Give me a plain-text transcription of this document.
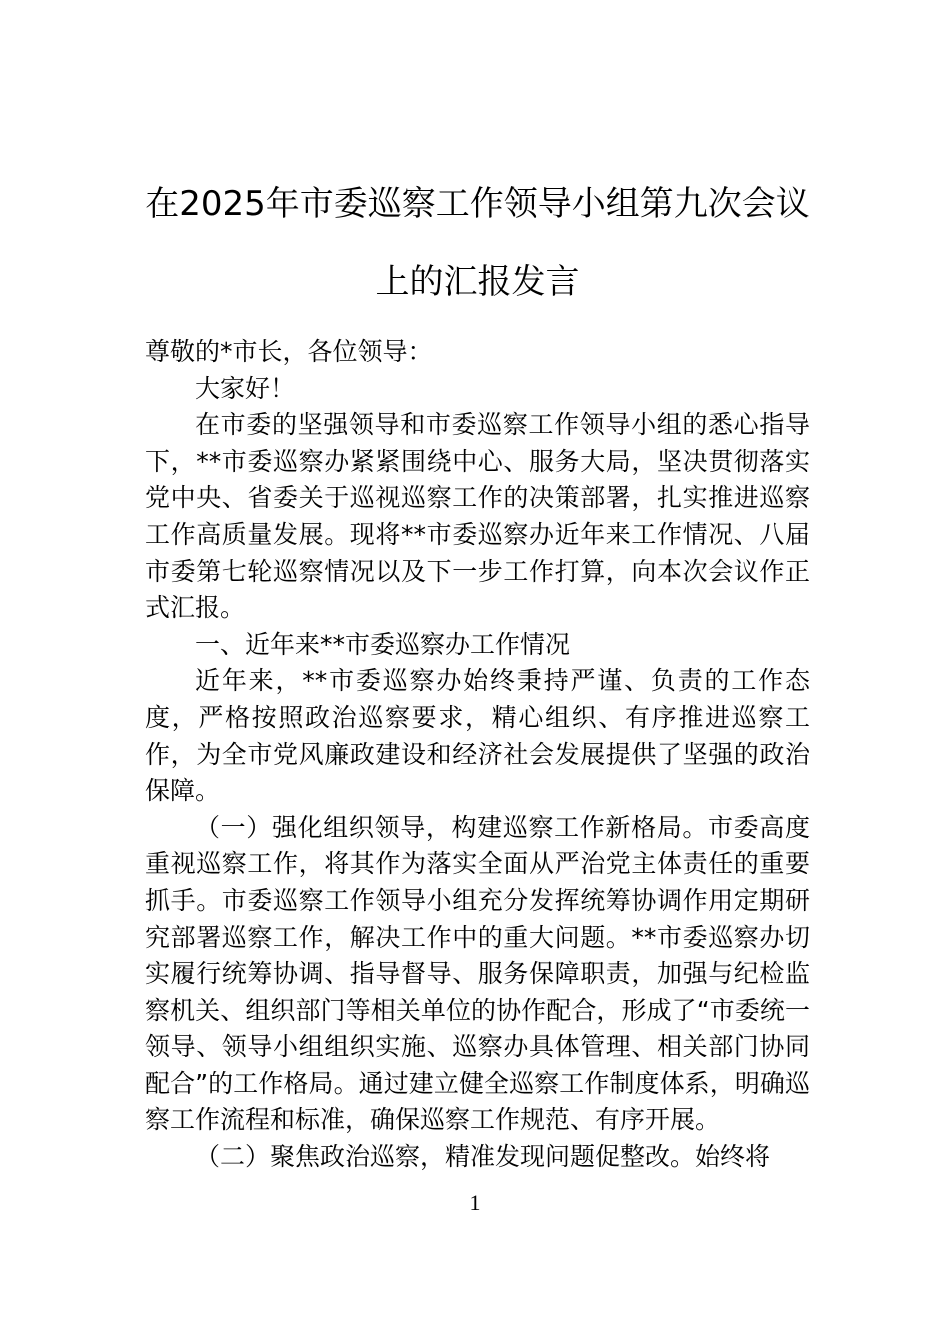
在2025年市委巡察工作领导小组第九次会议上的汇报发言

尊敬的*市长，各位领导：

大家好！

在市委的坚强领导和市委巡察工作领导小组的悉心指导下，**市委巡察办紧紧围绕中心、服务大局，坚决贯彻落实党中央、省委关于巡视巡察工作的决策部署，扎实推进巡察工作高质量发展。现将**市委巡察办近年来工作情况、八届市委第七轮巡察情况以及下一步工作打算，向本次会议作正式汇报。

一、近年来**市委巡察办工作情况

近年来，**市委巡察办始终秉持严谨、负责的工作态度，严格按照政治巡察要求，精心组织、有序推进巡察工作，为全市党风廉政建设和经济社会发展提供了坚强的政治保障。

（一）强化组织领导，构建巡察工作新格局。市委高度重视巡察工作，将其作为落实全面从严治党主体责任的重要抓手。市委巡察工作领导小组充分发挥统筹协调作用定期研究部署巡察工作，解决工作中的重大问题。**市委巡察办切实履行统筹协调、指导督导、服务保障职责，加强与纪检监察机关、组织部门等相关单位的协作配合，形成了“市委统一领导、领导小组组织实施、巡察办具体管理、相关部门协同配合”的工作格局。通过建立健全巡察工作制度体系，明确巡察工作流程和标准，确保巡察工作规范、有序开展。

（二）聚焦政治巡察，精准发现问题促整改。始终将

1
